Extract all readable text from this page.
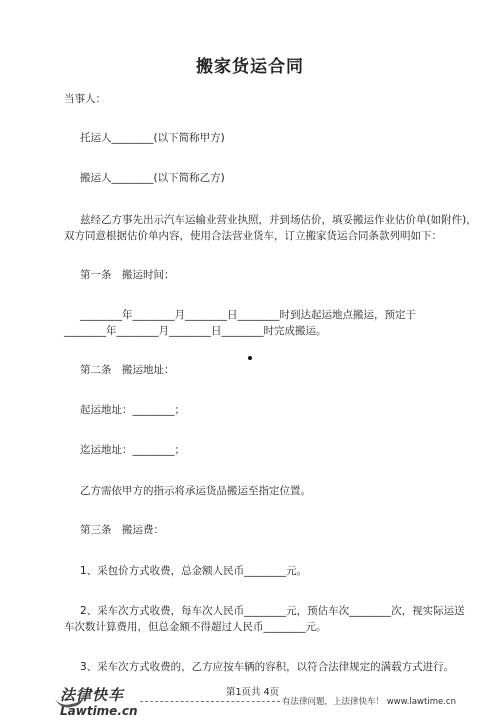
搬家货运合同
当事人：
托运人________(以下简称甲方)
搬运人________(以下简称乙方)
兹经乙方事先出示汽车运输业营业执照，并到场估价，填妥搬运作业估价单(如附件)，
双方同意根据估价单内容，使用合法营业货车，订立搬家货运合同条款列明如下：
第一条　搬运时间：
________年________月________日________时到达起运地点搬运，预定于
________年________月________日________时完成搬运。
第二条　搬运地址：
起运地址：________；
迄运地址：________；
乙方需依甲方的指示将承运货品搬运至指定位置。
第三条　搬运费：
1、采包价方式收费，总金额人民币________元。
2、采车次方式收费，每车次人民币________元，预估车次________次，视实际运送
车次数计算费用，但总金额不得超过人民币________元。
3、采车次方式收费的，乙方应按车辆的容积，以符合法律规定的满载方式进行。
法律快车
Lawtime.cn
第1页共 4页
有法律问题，上法律快车！ www.lawtime.cn
